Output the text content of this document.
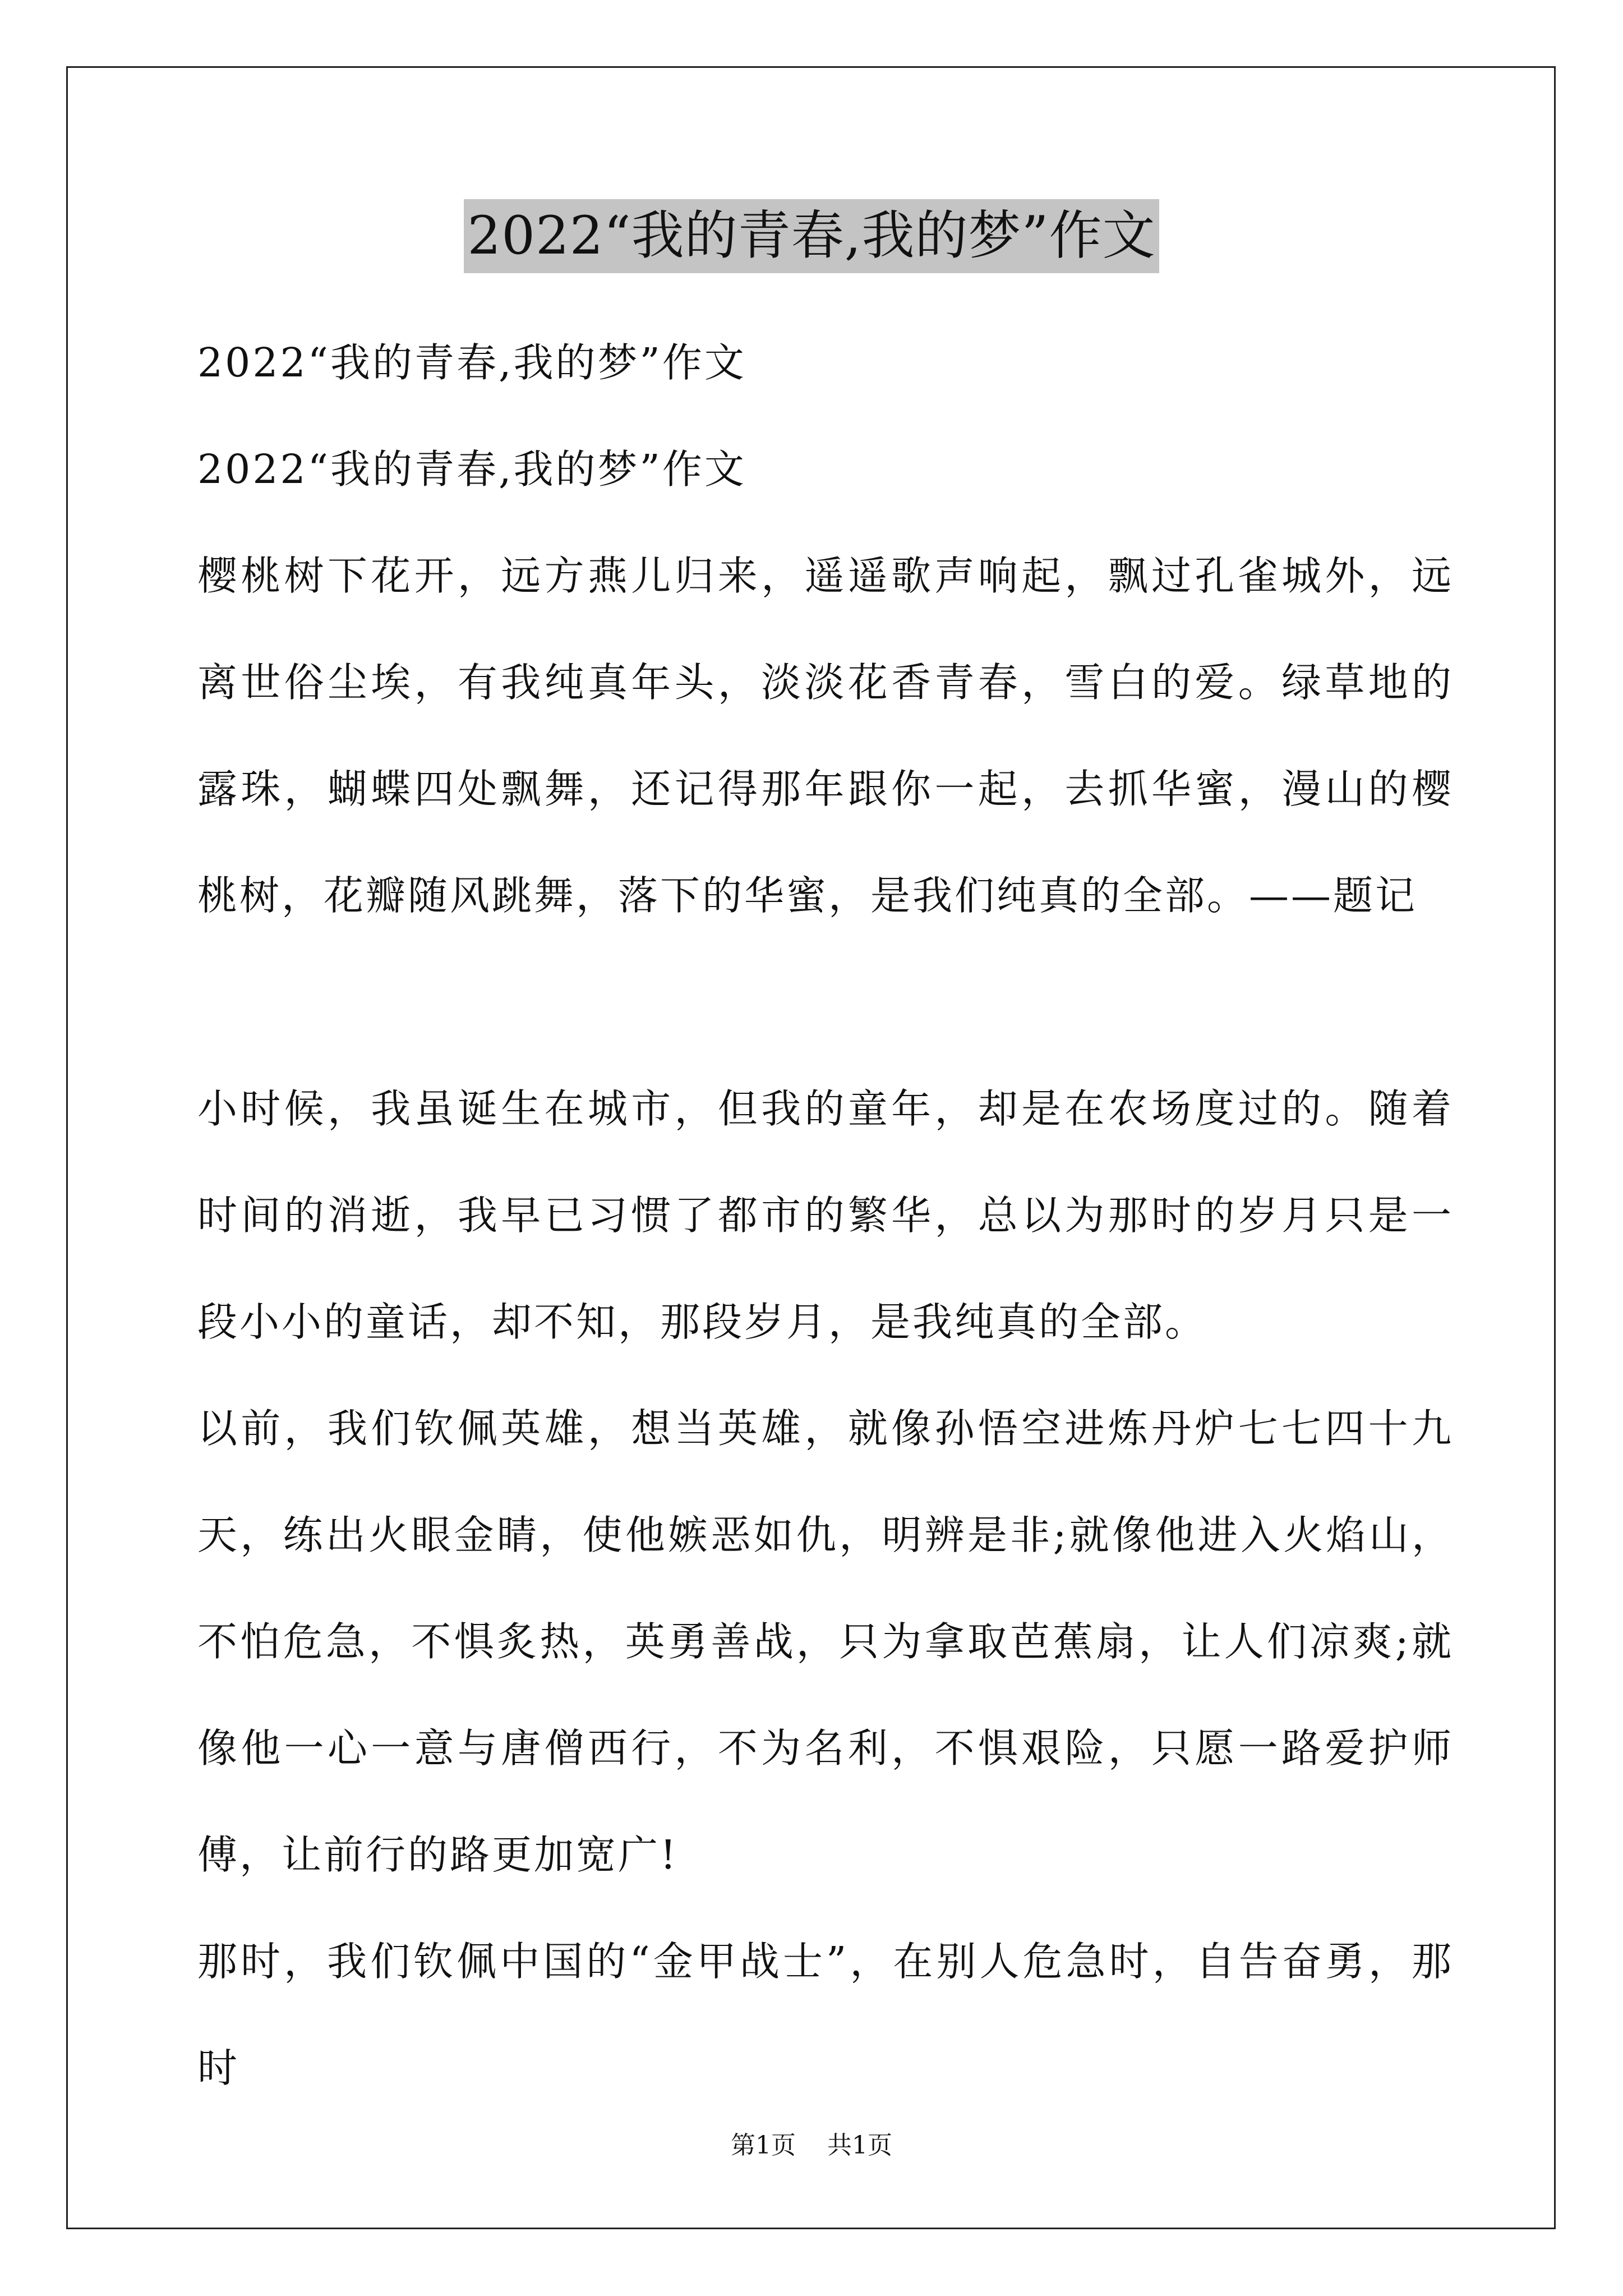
2022“我的青春,我的梦”作文

2022“我的青春,我的梦”作文

2022“我的青春,我的梦”作文

樱桃树下花开，远方燕儿归来，遥遥歌声响起，飘过孔雀城外，远离世俗尘埃，有我纯真年头，淡淡花香青春，雪白的爱。绿草地的露珠，蝴蝶四处飘舞，还记得那年跟你一起，去抓华蜜，漫山的樱桃树，花瓣随风跳舞，落下的华蜜，是我们纯真的全部。——题记

小时候，我虽诞生在城市，但我的童年，却是在农场度过的。随着时间的消逝，我早已习惯了都市的繁华，总以为那时的岁月只是一段小小的童话，却不知，那段岁月，是我纯真的全部。

以前，我们钦佩英雄，想当英雄，就像孙悟空进炼丹炉七七四十九天，练出火眼金睛，使他嫉恶如仇，明辨是非;就像他进入火焰山，不怕危急，不惧炙热，英勇善战，只为拿取芭蕉扇，让人们凉爽;就像他一心一意与唐僧西行，不为名利，不惧艰险，只愿一路爱护师傅，让前行的路更加宽广!

那时，我们钦佩中国的“金甲战士”，在别人危急时，自告奋勇，那时

第1页 共1页
